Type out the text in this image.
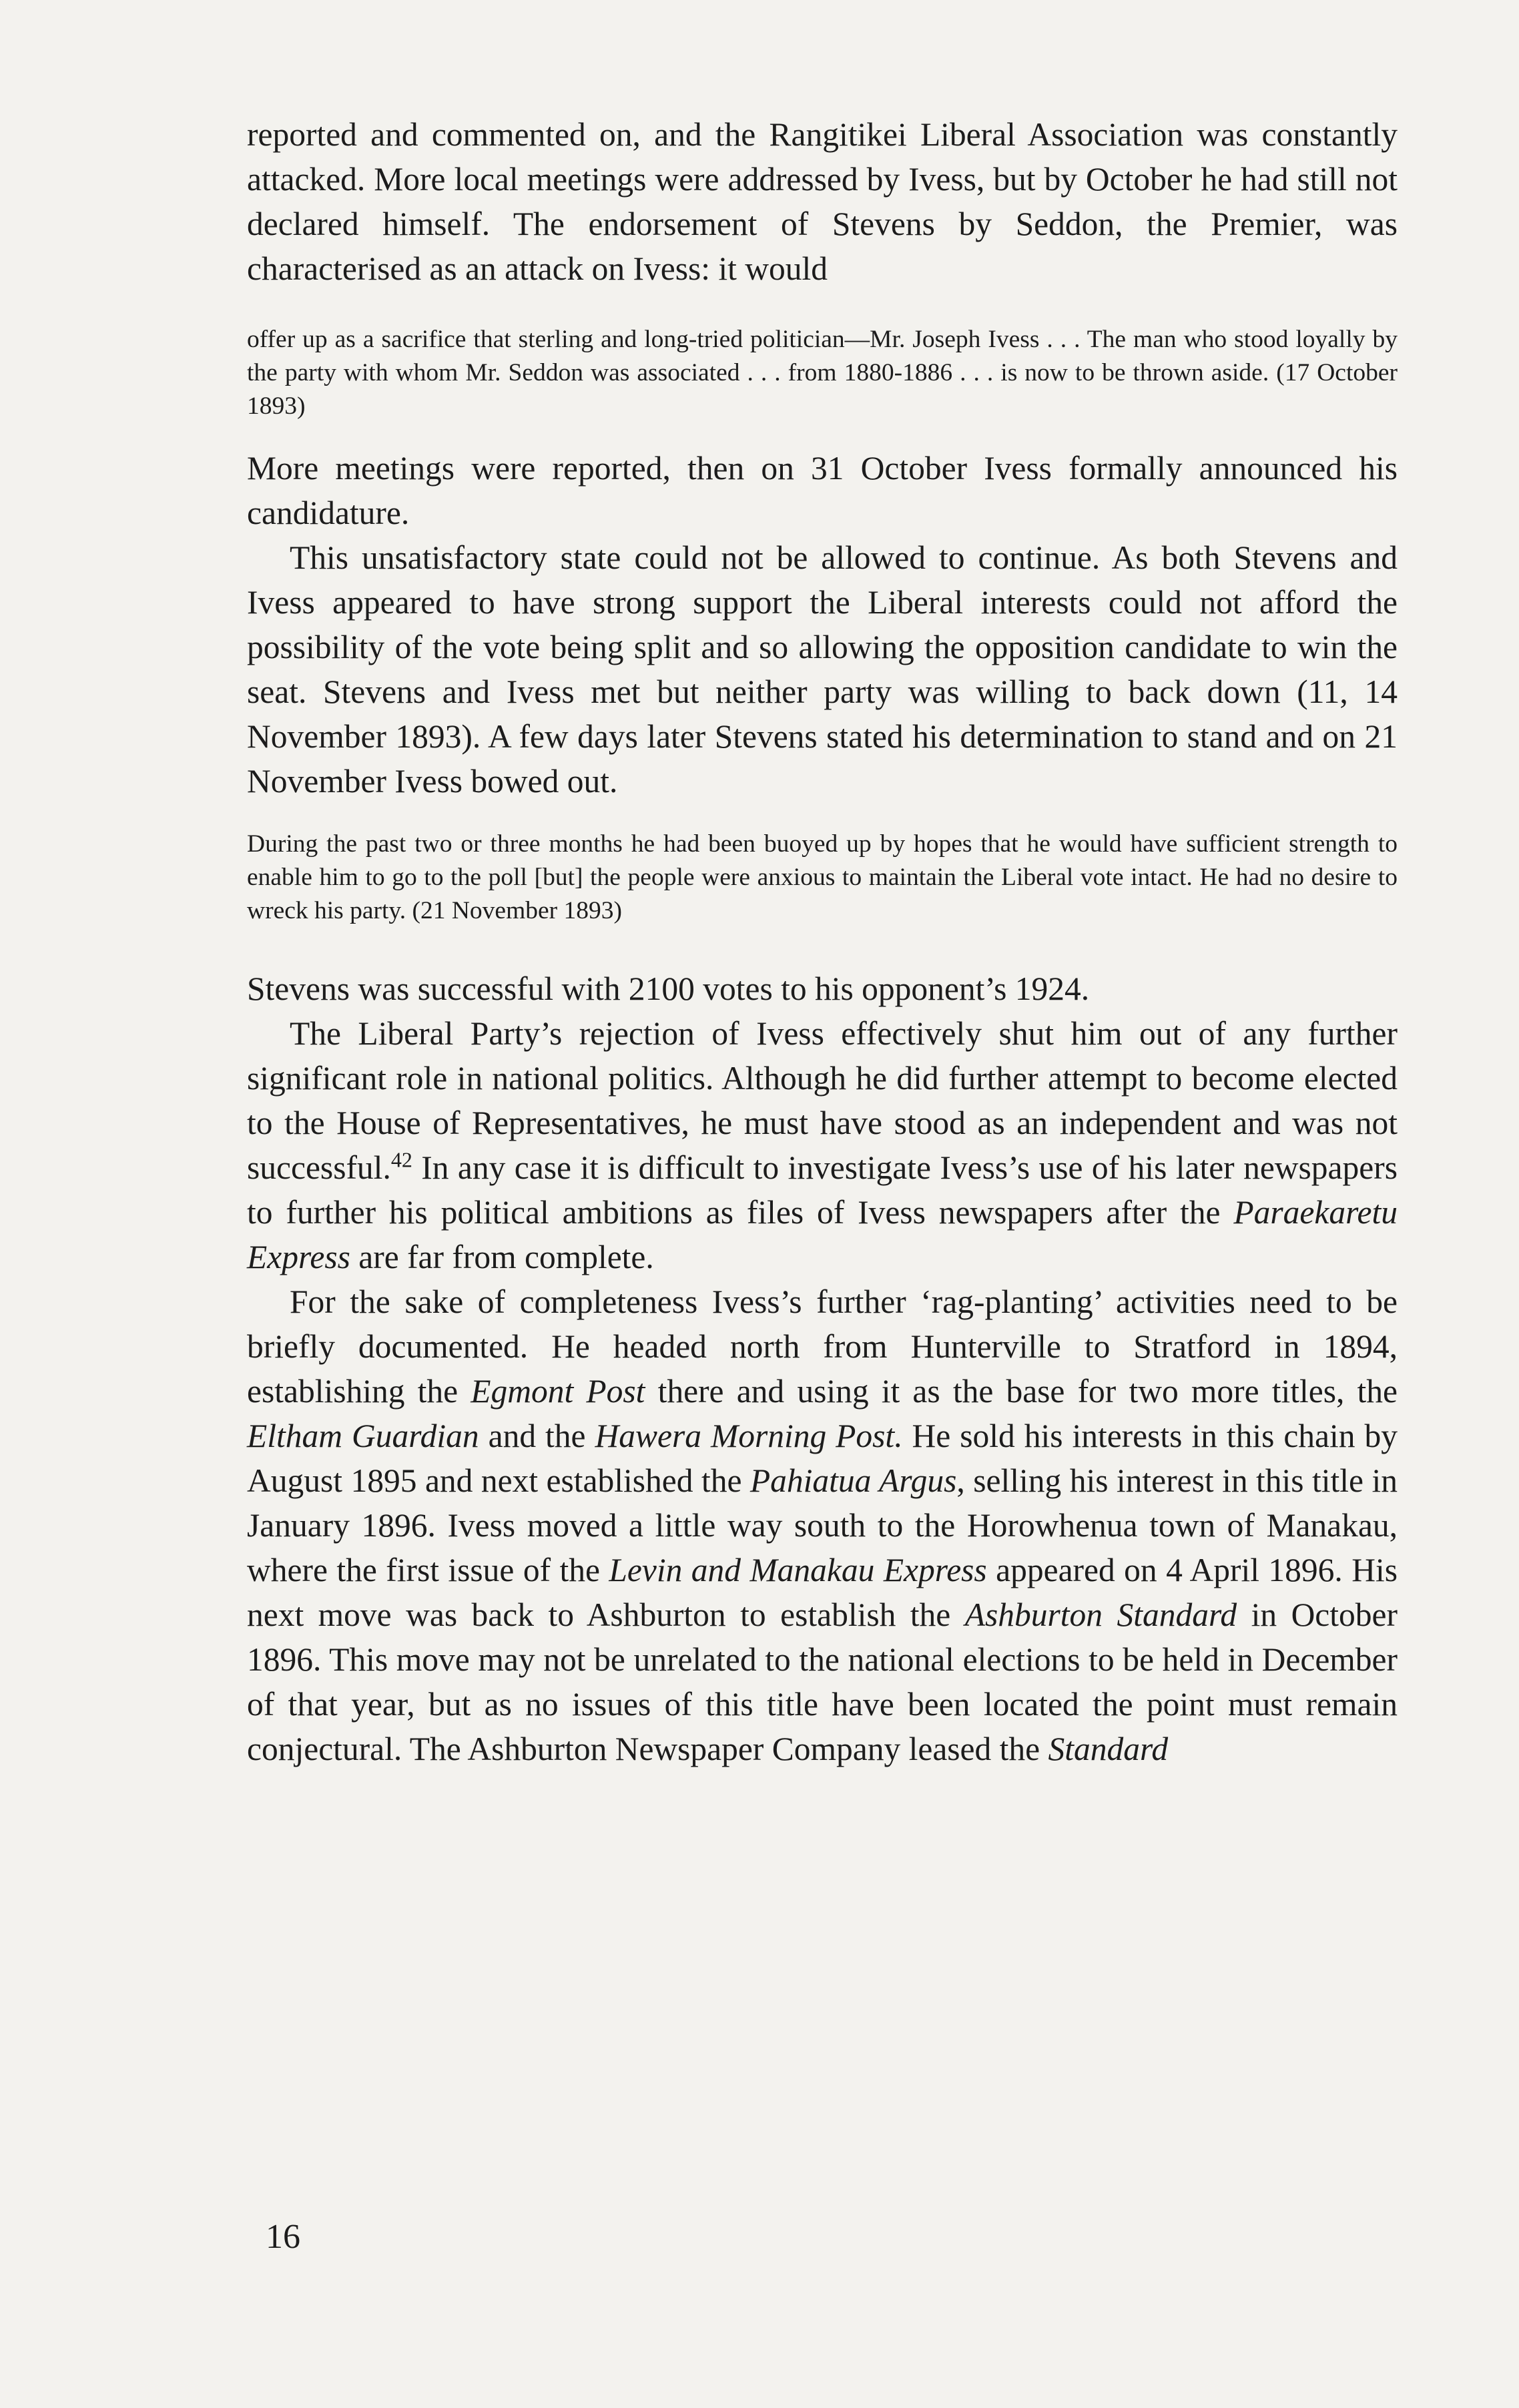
reported and commented on, and the Rangitikei Liberal Association was constantly attacked. More local meetings were addressed by Ivess, but by October he had still not declared himself. The endorsement of Stevens by Seddon, the Premier, was characterised as an attack on Ivess: it would

offer up as a sacrifice that sterling and long-tried politician—Mr. Joseph Ivess . . . The man who stood loyally by the party with whom Mr. Seddon was associated . . . from 1880-1886 . . . is now to be thrown aside. (17 October 1893)

More meetings were reported, then on 31 October Ivess formally announced his candidature.

This unsatisfactory state could not be allowed to continue. As both Stevens and Ivess appeared to have strong support the Liberal interests could not afford the possibility of the vote being split and so allowing the opposition candidate to win the seat. Stevens and Ivess met but neither party was willing to back down (11, 14 November 1893). A few days later Stevens stated his determination to stand and on 21 November Ivess bowed out.

During the past two or three months he had been buoyed up by hopes that he would have sufficient strength to enable him to go to the poll [but] the people were anxious to maintain the Liberal vote intact. He had no desire to wreck his party. (21 November 1893)

Stevens was successful with 2100 votes to his opponent’s 1924.

The Liberal Party’s rejection of Ivess effectively shut him out of any further significant role in national politics. Although he did further attempt to become elected to the House of Representatives, he must have stood as an independent and was not successful.$^{42}$ In any case it is difficult to investigate Ivess’s use of his later newspapers to further his political ambitions as files of Ivess newspapers after the Paraekaretu Express are far from complete.

For the sake of completeness Ivess’s further ‘rag-planting’ activities need to be briefly documented. He headed north from Hunterville to Stratford in 1894, establishing the Egmont Post there and using it as the base for two more titles, the Eltham Guardian and the Hawera Morning Post. He sold his interests in this chain by August 1895 and next established the Pahiatua Argus, selling his interest in this title in January 1896. Ivess moved a little way south to the Horowhenua town of Manakau, where the first issue of the Levin and Manakau Express appeared on 4 April 1896. His next move was back to Ashburton to establish the Ashburton Standard in October 1896. This move may not be unrelated to the national elections to be held in December of that year, but as no issues of this title have been located the point must remain conjectural. The Ashburton Newspaper Company leased the Standard

16
